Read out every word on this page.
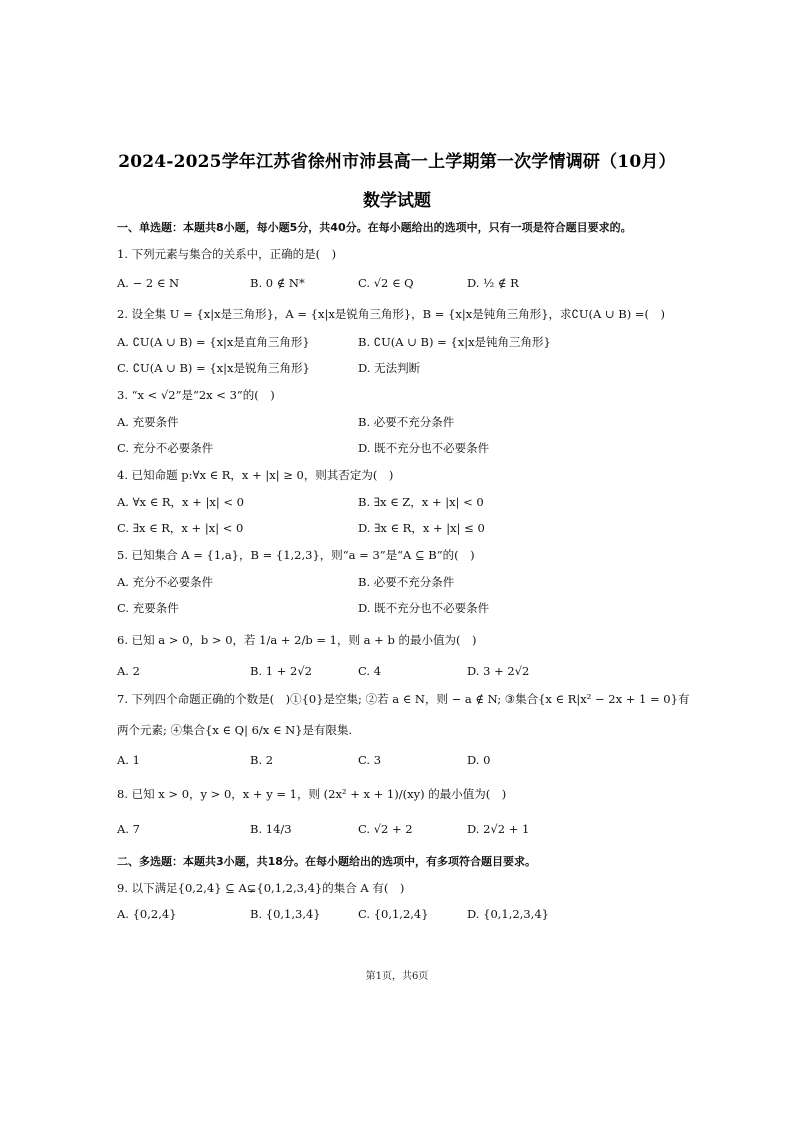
2024-2025学年江苏省徐州市沛县高一上学期第一次学情调研（10月）
数学试题
一、单选题：本题共8小题，每小题5分，共40分。在每小题给出的选项中，只有一项是符合题目要求的。
1. 下列元素与集合的关系中，正确的是(　)
A. − 2 ∈ N	B. 0 ∉ N*	C. √2 ∈ Q	D. ½ ∉ R
2. 设全集 U = {x|x是三角形}，A = {x|x是锐角三角形}，B = {x|x是钝角三角形}，求∁U(A ∪ B) =(　)
A. ∁U(A ∪ B) = {x|x是直角三角形}	B. ∁U(A ∪ B) = {x|x是钝角三角形}
C. ∁U(A ∪ B) = {x|x是锐角三角形}	D. 无法判断
3. “x < √2”是“2x < 3”的(　)
A. 充要条件	B. 必要不充分条件
C. 充分不必要条件	D. 既不充分也不必要条件
4. 已知命题 p:∀x ∈ R，x + |x| ≥ 0，则其否定为(　)
A. ∀x ∈ R，x + |x| < 0	B. ∃x ∈ Z，x + |x| < 0
C. ∃x ∈ R，x + |x| < 0	D. ∃x ∈ R，x + |x| ≤ 0
5. 已知集合 A = {1,a}，B = {1,2,3}，则“a = 3”是“A ⊆ B”的(　)
A. 充分不必要条件	B. 必要不充分条件
C. 充要条件	D. 既不充分也不必要条件
6. 已知 a > 0，b > 0，若 1/a + 2/b = 1，则 a + b 的最小值为(　)
A. 2	B. 1 + 2√2	C. 4	D. 3 + 2√2
7. 下列四个命题正确的个数是(　)①{0}是空集; ②若 a ∈ N，则 − a ∉ N; ③集合{x ∈ R|x² − 2x + 1 = 0}有
两个元素; ④集合{x ∈ Q| 6/x ∈ N}是有限集.
A. 1	B. 2	C. 3	D. 0
8. 已知 x > 0，y > 0，x + y = 1，则 (2x² + x + 1)/(xy) 的最小值为(　)
A. 7	B. 14/3	C. √2 + 2	D. 2√2 + 1
二、多选题：本题共3小题，共18分。在每小题给出的选项中，有多项符合题目要求。
9. 以下满足{0,2,4} ⊆ A⊊{0,1,2,3,4}的集合 A 有(　)
A. {0,2,4}	B. {0,1,3,4}	C. {0,1,2,4}	D. {0,1,2,3,4}
第1页，共6页
